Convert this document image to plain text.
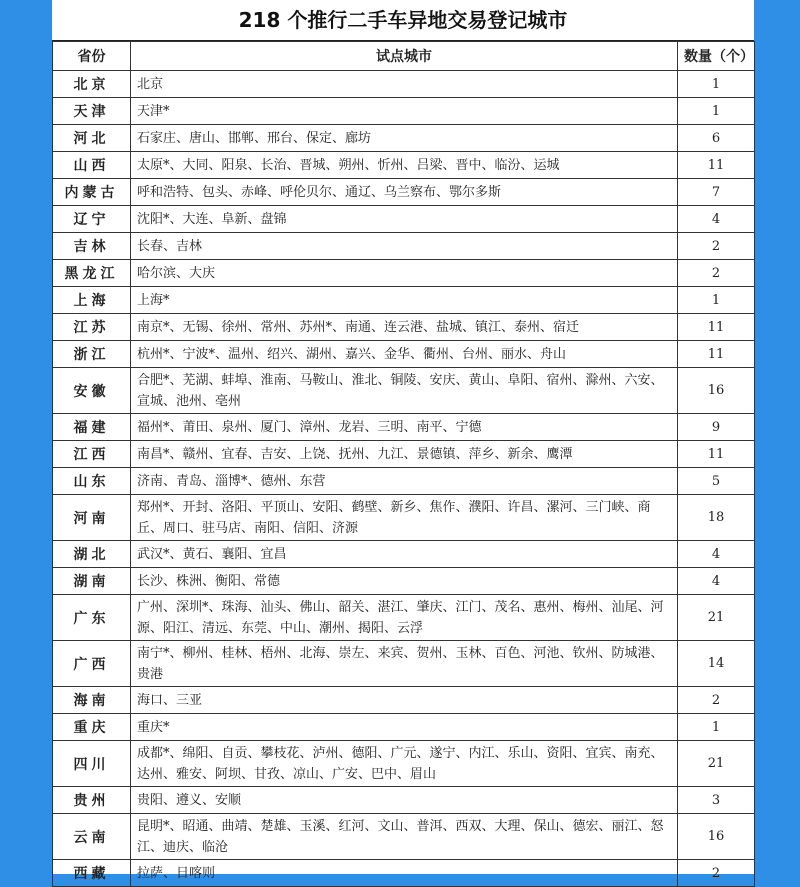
218 个推行二手车异地交易登记城市
省份	试点城市	数量（个）
北京	北京	1
天津	天津*	1
河北	石家庄、唐山、邯郸、邢台、保定、廊坊	6
山西	太原*、大同、阳泉、长治、晋城、朔州、忻州、吕梁、晋中、临汾、运城	11
内蒙古	呼和浩特、包头、赤峰、呼伦贝尔、通辽、乌兰察布、鄂尔多斯	7
辽宁	沈阳*、大连、阜新、盘锦	4
吉林	长春、吉林	2
黑龙江	哈尔滨、大庆	2
上海	上海*	1
江苏	南京*、无锡、徐州、常州、苏州*、南通、连云港、盐城、镇江、泰州、宿迁	11
浙江	杭州*、宁波*、温州、绍兴、湖州、嘉兴、金华、衢州、台州、丽水、舟山	11
安徽	合肥*、芜湖、蚌埠、淮南、马鞍山、淮北、铜陵、安庆、黄山、阜阳、宿州、滁州、六安、宣城、池州、亳州	16
福建	福州*、莆田、泉州、厦门、漳州、龙岩、三明、南平、宁德	9
江西	南昌*、赣州、宜春、吉安、上饶、抚州、九江、景德镇、萍乡、新余、鹰潭	11
山东	济南、青岛、淄博*、德州、东营	5
河南	郑州*、开封、洛阳、平顶山、安阳、鹤壁、新乡、焦作、濮阳、许昌、漯河、三门峡、商丘、周口、驻马店、南阳、信阳、济源	18
湖北	武汉*、黄石、襄阳、宜昌	4
湖南	长沙、株洲、衡阳、常德	4
广东	广州、深圳*、珠海、汕头、佛山、韶关、湛江、肇庆、江门、茂名、惠州、梅州、汕尾、河源、阳江、清远、东莞、中山、潮州、揭阳、云浮	21
广西	南宁*、柳州、桂林、梧州、北海、崇左、来宾、贺州、玉林、百色、河池、钦州、防城港、贵港	14
海南	海口、三亚	2
重庆	重庆*	1
四川	成都*、绵阳、自贡、攀枝花、泸州、德阳、广元、遂宁、内江、乐山、资阳、宜宾、南充、达州、雅安、阿坝、甘孜、凉山、广安、巴中、眉山	21
贵州	贵阳、遵义、安顺	3
云南	昆明*、昭通、曲靖、楚雄、玉溪、红河、文山、普洱、西双、大理、保山、德宏、丽江、怒江、迪庆、临沧	16
西藏	拉萨、日喀则	2
